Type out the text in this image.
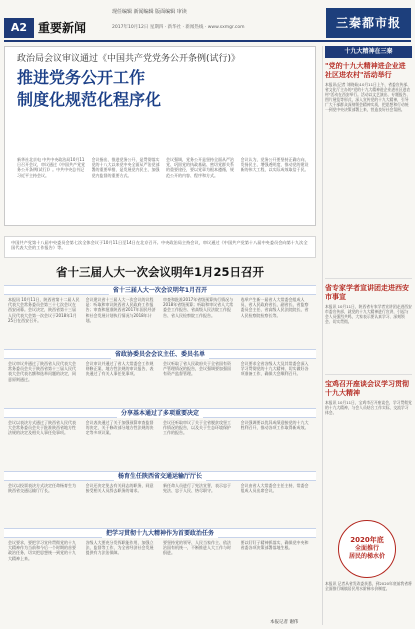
A2 重要新闻
现任编辑 新闻编辑 版面编辑 审读
2017年10月12日 星期四 · 新华社 · 新闻热线 · www.sxmgr.com	三秦都市报
政治局会议审议通过《中国共产党党务公开条例(试行)》
推进党务公开工作
制度化规范化程序化
新华社北京电 中共中央政治局10月11日召开会议，审议通过《中国共产党党务公开条例(试行)》。中共中央总书记习近平主持会议。
会议指出，推进党务公开，是贯彻落实党的十八大以来党中央全面从严治党部署的重要举措，是发展党内民主、加强党内监督的重要方式。
会议强调，党务公开是坚持全面从严治党、巩固党的执政基础、密切党群关系的重要途径，要以党章为根本遵循，规范公开的内容、程序和方式。
会议认为，党务公开要坚持正确方向，发扬民主、增强透明度，推动党的建设新的伟大工程，以实际成效取信于民。
中国共产党第十八届中央委员会第七次全体会议于10月11日至14日在北京召开。中央政治局主持会议，审议通过《中国共产党第十八届中央委员会向第十九次全国代表大会的工作报告》等。
省十三届人大一次会议明年1月25日召开
省十三届人大一次会议明年1月召开
本报讯 10月11日，陕西省第十二届人民代表大会常务委员会第三十七次会议在西安闭幕。会议决定，陕西省第十三届人民代表大会第一次会议于2018年1月25日在西安召开。
会议建议省十三届人大一次会议的议程是：听取和审议陕西省人民政府工作报告；审查和批准陕西省2017年国民经济和社会发展计划执行情况与2018年计划。
审查和批准2017年省级预算执行情况与2018年省级预算；听取和审议省人大常委会工作报告、省高级人民法院工作报告、省人民检察院工作报告。
选举产生新一届省人大常委会组成人员、省人民政府省长、副省长、省监察委员会主任、省高级人民法院院长、省人民检察院检察长等。
省政协委员会会议主任、委员名单
会议审议并通过了陕西省人民代表大会常务委员会关于陕西省第十三届人民代表大会代表名额和选举问题的决定，同意原则通过。
会议审议并通过了省人大常委会工作规则修正案、地方性法规的审议报告，表决通过了有关人事任免事项。
会议听取了省人民政府关于全省国有资产管理情况的报告，会议强调要加强国有资产监督管理。
会议要求全省各级人大及其常委会深入学习贯彻党的十九大精神，切实做好各项准备工作，确保大会顺利召开。
分享基本通过了多项重要决定
会议以表决方式通过了陕西省人民代表大会常务委员会关于批准陕西省地方性法规的决定及相关人事任免事项。
会议表决通过了关于加强预算审查监督的决定，关于修改部分地方性法规的决定等多项议案。
会议还听取审议了关于全省脱贫攻坚工作情况的报告，以及关于生态环境保护工作的报告。
会议强调要以优异成绩迎接党的十九大胜利召开，推动各项工作取得新成效。
杨育生任陕西省交通运输厅厅长
会议以投票表决方式决定任命杨育生为陕西省交通运输厅厅长。
会议还决定免去有关同志的职务，同意接受相关人员辞去职务的请求。
新任命人员进行了宪法宣誓，表示忠于宪法、忠于人民、恪尽职守。
会议由省人大常委会主任主持，常委会组成人员出席会议。
把学习贯彻十九大精神作为首要政治任务
会议要求，要把学习宣传贯彻党的十九大精神作为当前和今后一个时期的首要政治任务，切实把思想统一到党的十九大精神上来。
各级人大要充分发挥职能作用，加强立法、监督等工作，为全省经济社会发展提供有力法治保障。
要坚持党的领导、人民当家作主、依法治国有机统一，不断推进人大工作与时俱进。
要以钉钉子精神抓落实，确保党中央和省委各项决策部署落地生根。
本报记者 谢伟
十九大精神在三秦
"党的十九大精神进企业进社区进农村"活动举行
本报讯(记者 刘晓茹)10月11日上午，省委宣传部、省文化厅主办的"党的十九大精神进企业进社区进农村"活动在西安举行。活动以文艺演出、专题报告、图片展览等形式，深入宣传党的十九大精神，引导广大干部群众深刻领会精神实质，把思想和行动统一到党中央决策部署上来，营造良好社会氛围。
省专家学者宣讲团走进西安市事宣
本报讯 10月11日，陕西省专家学者宣讲团走进西安市委宣传部，就党的十九大精神进行宣讲，引起与会人员强烈共鸣，大家表示要认真学习、深刻领会、切实贯彻。
宝鸡召开座谈会议学习贯彻十九大精神
本报讯 10月11日，宝鸡市召开座谈会，学习贯彻党的十九大精神，与会人员结合工作实际，交流学习体会。
本报讯 记者从省发改委获悉，到2020年底前我省将全面推行城镇居民用水阶梯水价制度。
2020年底
全面推行
居民的梯水价
